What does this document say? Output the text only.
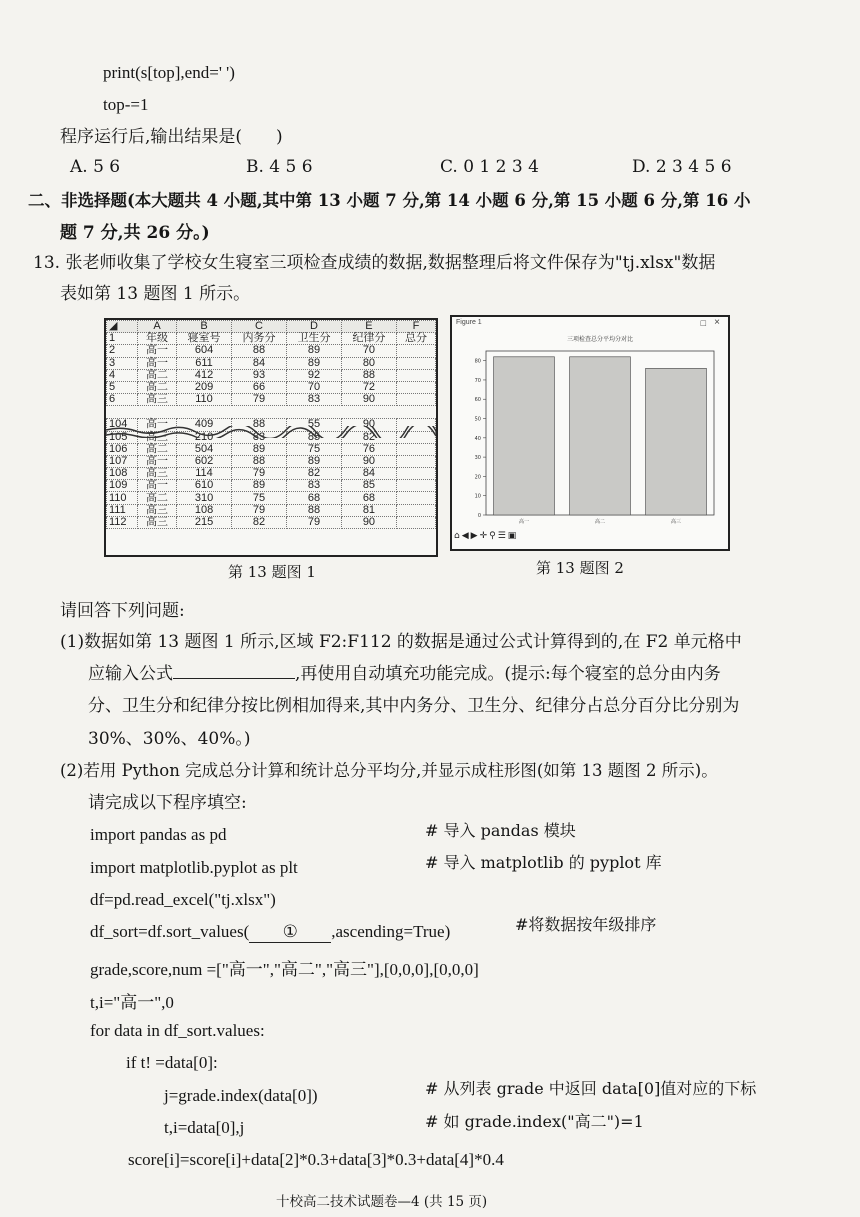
print(s[top],end=' ')
top-=1
程序运行后,输出结果是(　　)
A. 5 6	B. 4 5 6	C. 0 1 2 3 4	D. 2 3 4 5 6
二、非选择题(本大题共 4 小题,其中第 13 小题 7 分,第 14 小题 6 分,第 15 小题 6 分,第 16 小
题 7 分,共 26 分。)
13. 张老师收集了学校女生寝室三项检查成绩的数据,数据整理后将文件保存为"tj.xlsx"数据
表如第 13 题图 1 所示。
◢	A	B	C	D	E	F
1	年级	寝室号	内务分	卫生分	纪律分	总分
2	高一	604	88	89	70	
3	高一	611	84	89	80	
4	高二	412	93	92	88	
5	高二	209	66	70	72	
6	高三	110	79	83	90	

104	高一	409	88	55	90	
105	高三	210	83	85	82	
106	高二	504	89	75	76	
107	高一	602	88	89	90	
108	高三	114	79	82	84	
109	高一	610	89	83	85	
110	高二	310	75	68	68	
111	高三	108	79	88	81	
112	高三	215	82	79	90	
第 13 题图 1
Figure 1	□ ×
三项检查总分平均分对比
0
10
20
30
40
50
60
70
80
高一	高二	高三
⌂ ◀ ▶ ✛ ⚲ ☰ ▣
第 13 题图 2
请回答下列问题:
(1)数据如第 13 题图 1 所示,区域 F2:F112 的数据是通过公式计算得到的,在 F2 单元格中
应输入公式	,再使用自动填充功能完成。(提示:每个寝室的总分由内务
分、卫生分和纪律分按比例相加得来,其中内务分、卫生分、纪律分占总分百分比分别为
30%、30%、40%。)
(2)若用 Python 完成总分计算和统计总分平均分,并显示成柱形图(如第 13 题图 2 所示)。
请完成以下程序填空:
import pandas as pd	# 导入 pandas 模块
import matplotlib.pyplot as plt	# 导入 matplotlib 的 pyplot 库
df=pd.read_excel("tj.xlsx")
df_sort=df.sort_values( ① ,ascending=True)	#将数据按年级排序
grade,score,num =["高一","高二","高三"],[0,0,0],[0,0,0]
t,i="高一",0
for data in df_sort.values:
if t! =data[0]:
j=grade.index(data[0])	# 从列表 grade 中返回 data[0]值对应的下标
t,i=data[0],j	# 如 grade.index("高二")=1
score[i]=score[i]+data[2]*0.3+data[3]*0.3+data[4]*0.4
十校高二技术试题卷—4 (共 15 页)
